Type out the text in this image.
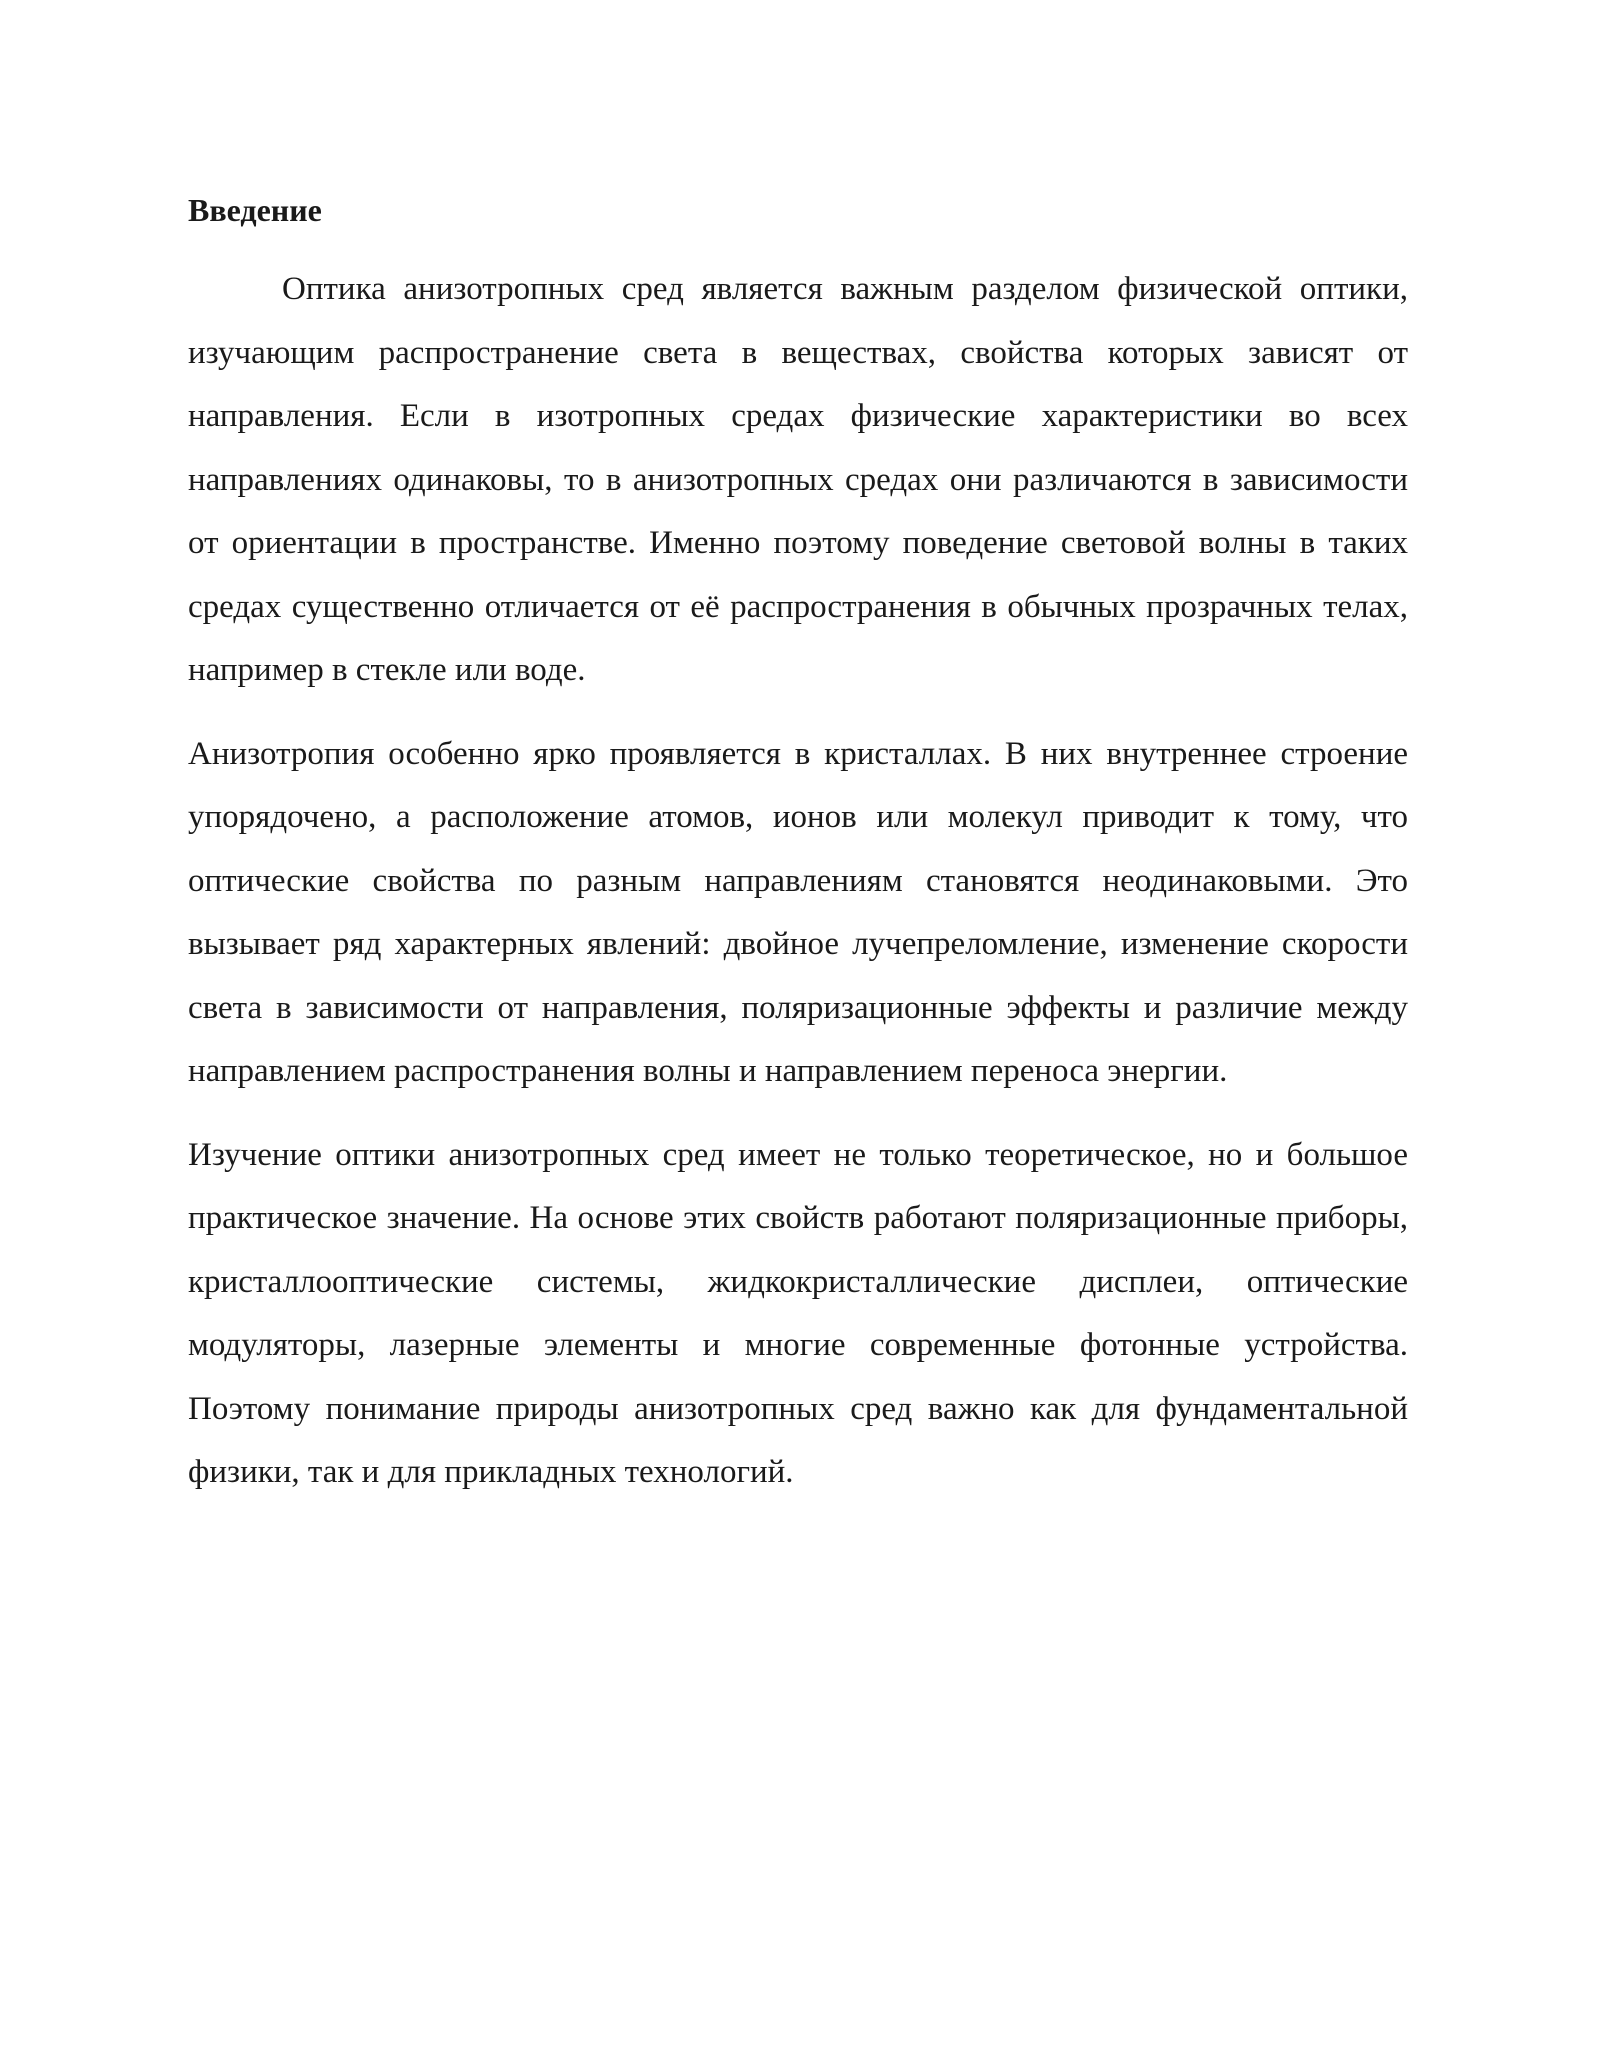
Введение

Оптика анизотропных сред является важным разделом физической оптики, изучающим распространение света в веществах, свойства которых зависят от направления. Если в изотропных средах физические характеристики во всех направлениях одинаковы, то в анизотропных средах они различаются в зависимости от ориентации в пространстве. Именно поэтому поведение световой волны в таких средах существенно отличается от её распространения в обычных прозрачных телах, например в стекле или воде.

Анизотропия особенно ярко проявляется в кристаллах. В них внутреннее строение упорядочено, а расположение атомов, ионов или молекул приводит к тому, что оптические свойства по разным направлениям становятся неодинаковыми. Это вызывает ряд характерных явлений: двойное лучепреломление, изменение скорости света в зависимости от направления, поляризационные эффекты и различие между направлением распространения волны и направлением переноса энергии.

Изучение оптики анизотропных сред имеет не только теоретическое, но и большое практическое значение. На основе этих свойств работают поляризационные приборы, кристаллооптические системы, жидкокристаллические дисплеи, оптические модуляторы, лазерные элементы и многие современные фотонные устройства. Поэтому понимание природы анизотропных сред важно как для фундаментальной физики, так и для прикладных технологий.
